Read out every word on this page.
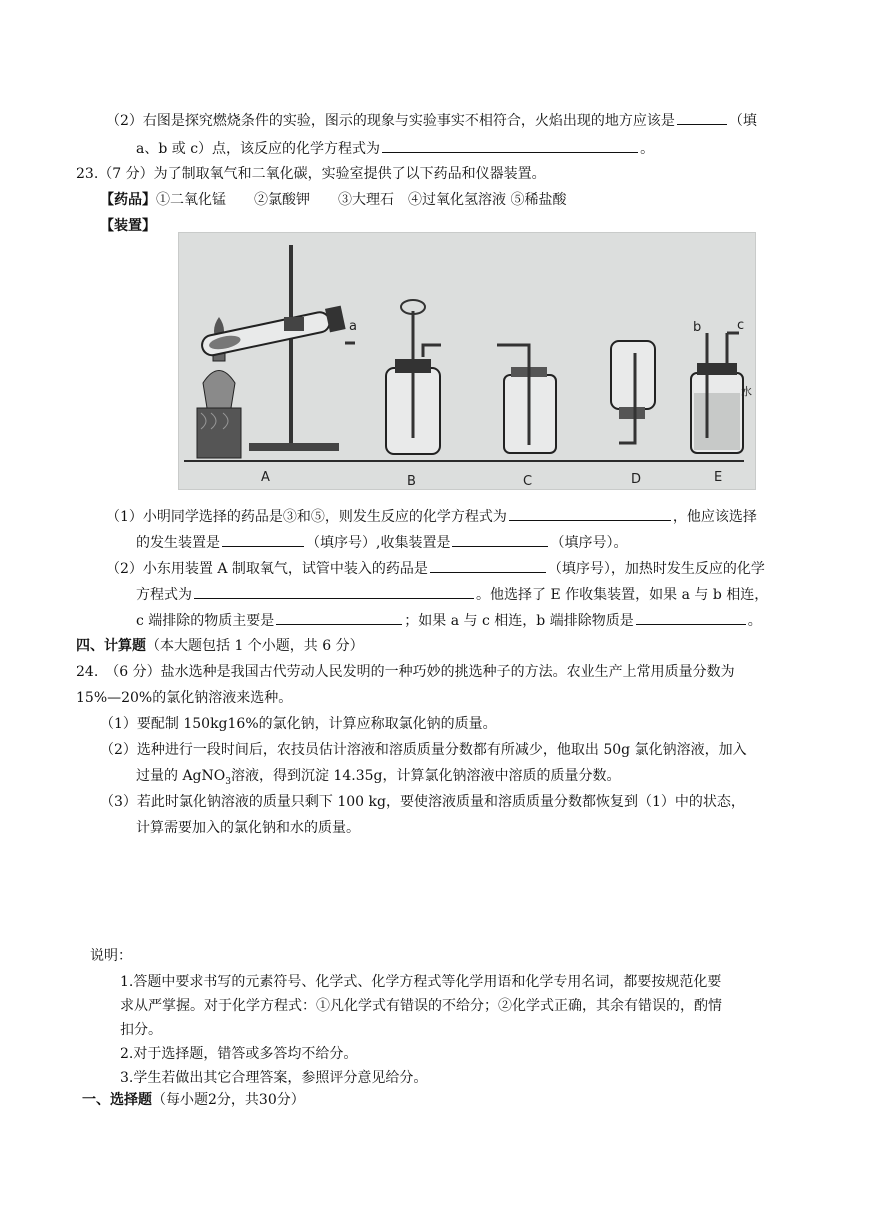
（2）右图是探究燃烧条件的实验，图示的现象与实验事实不相符合，火焰出现的地方应该是	（填
a、b 或 c）点，该反应的化学方程式为	。
23.（7 分）为了制取氧气和二氧化碳，实验室提供了以下药品和仪器装置。
【药品】①二氧化锰　　②氯酸钾　　③大理石　④过氧化氢溶液 ⑤稀盐酸
【装置】
a	b	c
水
A	B	C	D	E
（1）小明同学选择的药品是③和⑤，则发生反应的化学方程式为	，他应该选择
的发生装置是	（填序号）,收集装置是	（填序号）。
（2）小东用装置 A 制取氧气，试管中装入的药品是	（填序号），加热时发生反应的化学
方程式为	。他选择了 E 作收集装置，如果 a 与 b 相连，
c 端排除的物质主要是	；如果 a 与 c 相连，b 端排除物质是	。
四、计算题（本大题包括 1 个小题，共 6 分）
24.　（6 分）盐水选种是我国古代劳动人民发明的一种巧妙的挑选种子的方法。农业生产上常用质量分数为
15%—20%的氯化钠溶液来选种。
（1）要配制 150kg16%的氯化钠，计算应称取氯化钠的质量。
（2）选种进行一段时间后，农技员估计溶液和溶质质量分数都有所减少，他取出 50g 氯化钠溶液，加入
过量的 AgNO$_3$溶液，得到沉淀 14.35g，计算氯化钠溶液中溶质的质量分数。
（3）若此时氯化钠溶液的质量只剩下 100 kg，要使溶液质量和溶质质量分数都恢复到（1）中的状态，
计算需要加入的氯化钠和水的质量。
说明：
1.答题中要求书写的元素符号、化学式、化学方程式等化学用语和化学专用名词，都要按规范化要
求从严掌握。对于化学方程式：①凡化学式有错误的不给分；②化学式正确，其余有错误的，酌情
扣分。
2.对于选择题，错答或多答均不给分。
3.学生若做出其它合理答案，参照评分意见给分。
一、选择题（每小题2分，共30分）
